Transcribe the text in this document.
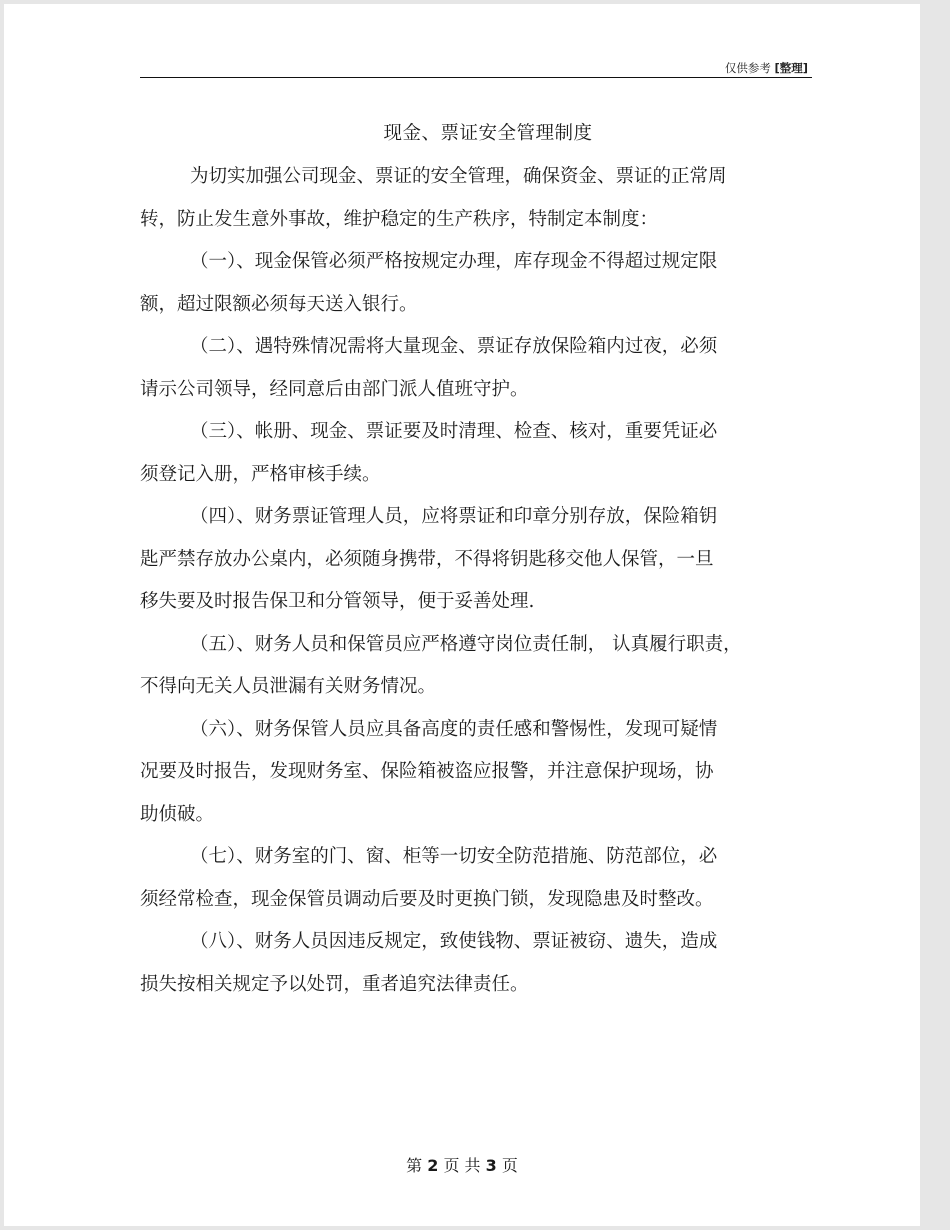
仅供参考 [整理]
现金、票证安全管理制度
为切实加强公司现金、票证的安全管理，确保资金、票证的正常周
转，防止发生意外事故，维护稳定的生产秩序，特制定本制度：
（一）、现金保管必须严格按规定办理，库存现金不得超过规定限
额，超过限额必须每天送入银行。
（二）、遇特殊情况需将大量现金、票证存放保险箱内过夜，必须
请示公司领导，经同意后由部门派人值班守护。
（三）、帐册、现金、票证要及时清理、检查、核对，重要凭证必
须登记入册，严格审核手续。
（四）、财务票证管理人员，应将票证和印章分别存放，保险箱钥
匙严禁存放办公桌内，必须随身携带，不得将钥匙移交他人保管，一旦
移失要及时报告保卫和分管领导，便于妥善处理.
（五）、财务人员和保管员应严格遵守岗位责任制， 认真履行职责，
不得向无关人员泄漏有关财务情况。
（六）、财务保管人员应具备高度的责任感和警惕性，发现可疑情
况要及时报告，发现财务室、保险箱被盗应报警，并注意保护现场，协
助侦破。
（七）、财务室的门、窗、柜等一切安全防范措施、防范部位，必
须经常检查，现金保管员调动后要及时更换门锁，发现隐患及时整改。
（八）、财务人员因违反规定，致使钱物、票证被窃、遗失，造成
损失按相关规定予以处罚，重者追究法律责任。
第 2 页 共 3 页
